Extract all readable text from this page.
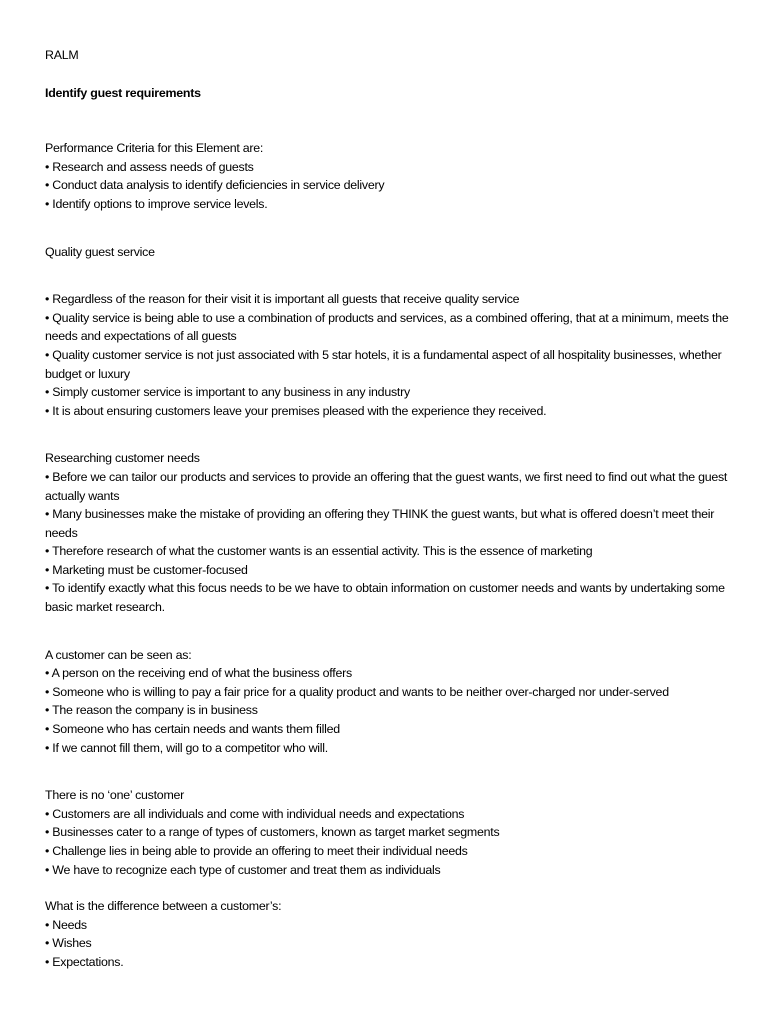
RALM

Identify guest requirements

Performance Criteria for this Element are:

• Research and assess needs of guests
• Conduct data analysis to identify deficiencies in service delivery
• Identify options to improve service levels.

Quality guest service

• Regardless of the reason for their visit it is important all guests that receive quality service
• Quality service is being able to use a combination of products and services, as a combined offering, that at a minimum, meets the needs and expectations of all guests
• Quality customer service is not just associated with 5 star hotels, it is a fundamental aspect of all hospitality businesses, whether budget or luxury
• Simply customer service is important to any business in any industry
• It is about ensuring customers leave your premises pleased with the experience they received.

Researching customer needs

• Before we can tailor our products and services to provide an offering that the guest wants, we first need to find out what the guest actually wants
• Many businesses make the mistake of providing an offering they THINK the guest wants, but what is offered doesn’t meet their needs
• Therefore research of what the customer wants is an essential activity. This is the essence of marketing
• Marketing must be customer-focused
• To identify exactly what this focus needs to be we have to obtain information on customer needs and wants by undertaking some basic market research.

A customer can be seen as:

• A person on the receiving end of what the business offers
• Someone who is willing to pay a fair price for a quality product and wants to be neither over-charged nor under-served
• The reason the company is in business
• Someone who has certain needs and wants them filled
• If we cannot fill them, will go to a competitor who will.

There is no ‘one’ customer

• Customers are all individuals and come with individual needs and expectations
• Businesses cater to a range of types of customers, known as target market segments
• Challenge lies in being able to provide an offering to meet their individual needs
• We have to recognize each type of customer and treat them as individuals

What is the difference between a customer’s:

• Needs
• Wishes
• Expectations.
